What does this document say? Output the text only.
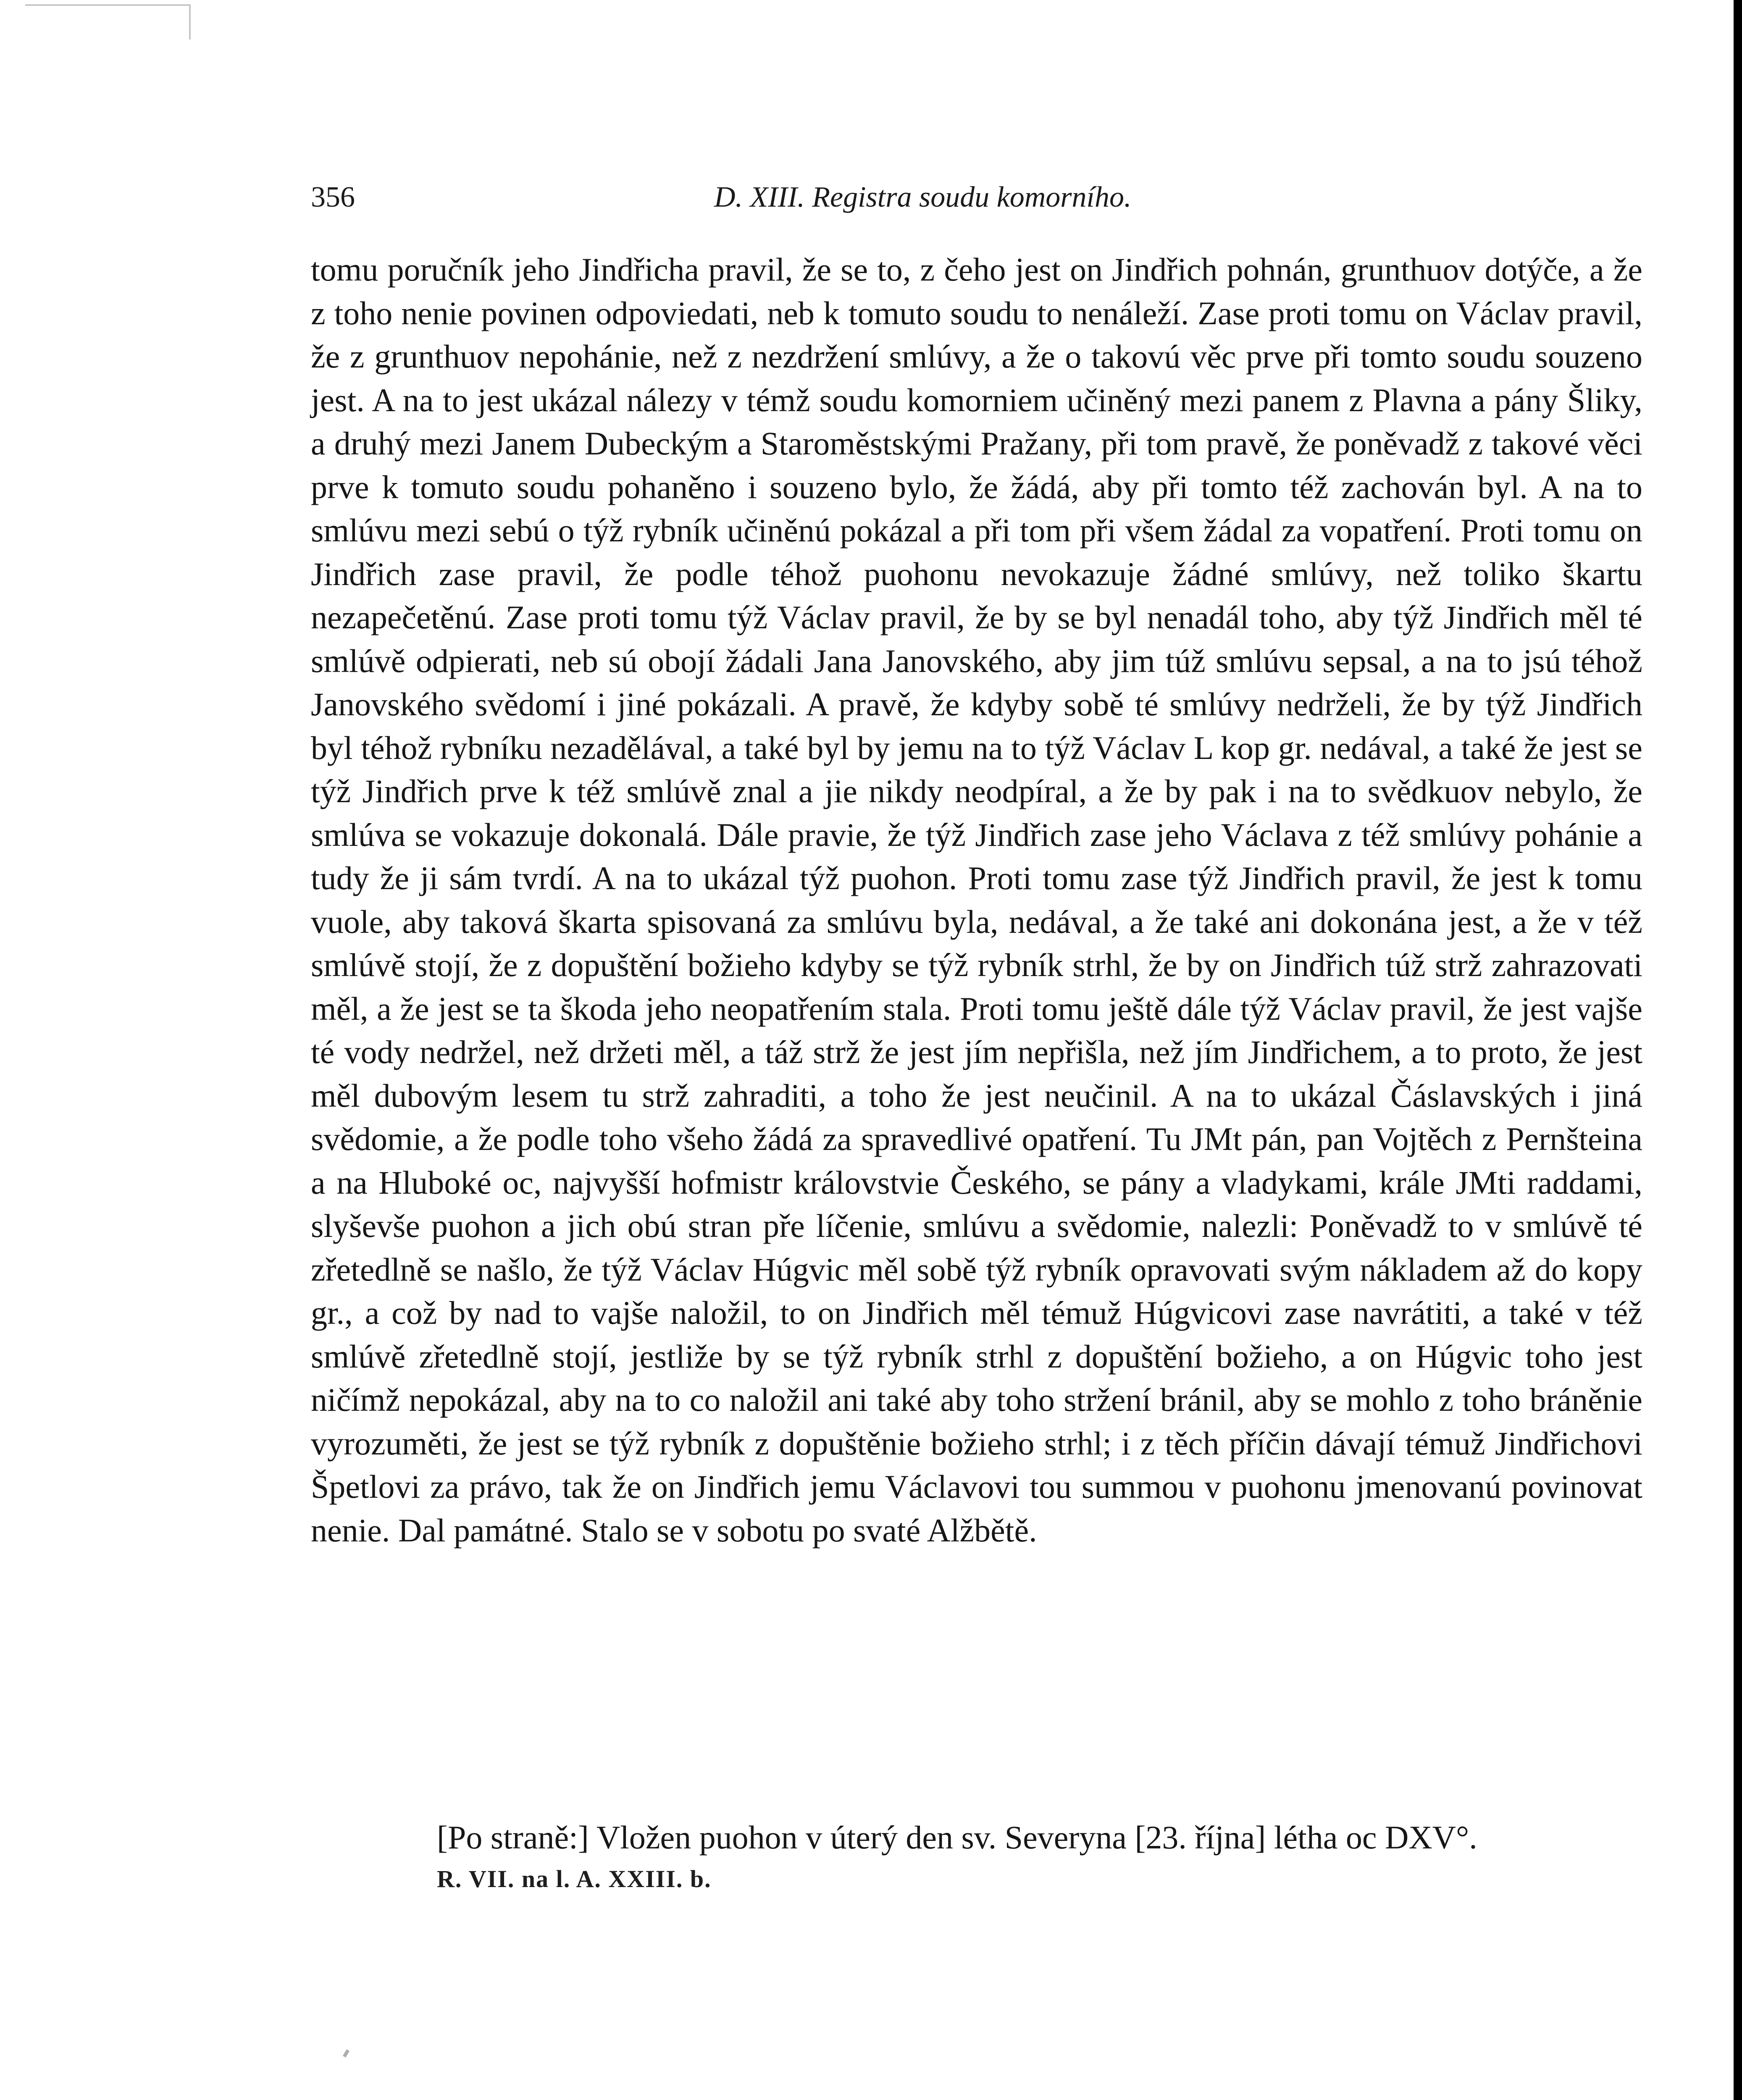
356	D. XIII. Registra soudu komorního.

tomu poručník jeho Jindřicha pravil, že se to, z čeho jest on Jindřich pohnán, grunthuov dotýče, a že z toho nenie povinen odpoviedati, neb k tomuto soudu to nenáleží. Zase proti tomu on Václav pravil, že z grunthuov nepohánie, než z nezdržení smlúvy, a že o takovú věc prve při tomto soudu souzeno jest. A na to jest ukázal nálezy v témž soudu komorniem učiněný mezi panem z Plavna a pány Šliky, a druhý mezi Janem Dubeckým a Staroměstskými Pražany, při tom pravě, že poněvadž z takové věci prve k tomuto soudu pohaněno i souzeno bylo, že žádá, aby při tomto též zachován byl. A na to smlúvu mezi sebú o týž rybník učiněnú pokázal a při tom při všem žádal za vopatření. Proti tomu on Jindřich zase pravil, že podle téhož puohonu nevokazuje žádné smlúvy, než toliko škartu nezapečetěnú. Zase proti tomu týž Václav pravil, že by se byl nenadál toho, aby týž Jindřich měl té smlúvě odpierati, neb sú obojí žádali Jana Janovského, aby jim túž smlúvu sepsal, a na to jsú téhož Janovského svědomí i jiné pokázali. A pravě, že kdyby sobě té smlúvy nedrželi, že by týž Jindřich byl téhož rybníku nezadělával, a také byl by jemu na to týž Václav L kop gr. nedával, a také že jest se týž Jindřich prve k též smlúvě znal a jie nikdy neodpíral, a že by pak i na to svědkuov nebylo, že smlúva se vokazuje dokonalá. Dále pravie, že týž Jindřich zase jeho Václava z též smlúvy pohánie a tudy že ji sám tvrdí. A na to ukázal týž puohon. Proti tomu zase týž Jindřich pravil, že jest k tomu vuole, aby taková škarta spisovaná za smlúvu byla, nedával, a že také ani dokonána jest, a že v též smlúvě stojí, že z dopuštění božieho kdyby se týž rybník strhl, že by on Jindřich túž strž zahrazovati měl, a že jest se ta škoda jeho neopatřením stala. Proti tomu ještě dále týž Václav pravil, že jest vajše té vody nedržel, než držeti měl, a táž strž že jest jím nepřišla, než jím Jindřichem, a to proto, že jest měl dubovým lesem tu strž zahraditi, a toho že jest neučinil. A na to ukázal Čáslavských i jiná svědomie, a že podle toho všeho žádá za spravedlivé opatření. Tu JMt pán, pan Vojtěch z Pernšteina a na Hluboké oc, najvyšší hofmistr královstvie Českého, se pány a vladykami, krále JMti raddami, slyševše puohon a jich obú stran pře líčenie, smlúvu a svědomie, nalezli: Poněvadž to v smlúvě té zřetedlně se našlo, že týž Václav Húgvic měl sobě týž rybník opravovati svým nákladem až do kopy gr., a což by nad to vajše naložil, to on Jindřich měl témuž Húgvicovi zase navrátiti, a také v též smlúvě zřetedlně stojí, jestliže by se týž rybník strhl z dopuštění božieho, a on Húgvic toho jest ničímž nepokázal, aby na to co naložil ani také aby toho stržení bránil, aby se mohlo z toho bráněnie vyrozuměti, že jest se týž rybník z dopuštěnie božieho strhl; i z těch příčin dávají témuž Jindřichovi Špetlovi za právo, tak že on Jindřich jemu Václavovi tou summou v puohonu jmenovanú povinovat nenie. Dal památné. Stalo se v sobotu po svaté Alžbětě.

[Po straně:] Vložen puohon v úterý den sv. Severyna [23. října] létha oc DXV°.
R. VII. na l. A. XXIII. b.
